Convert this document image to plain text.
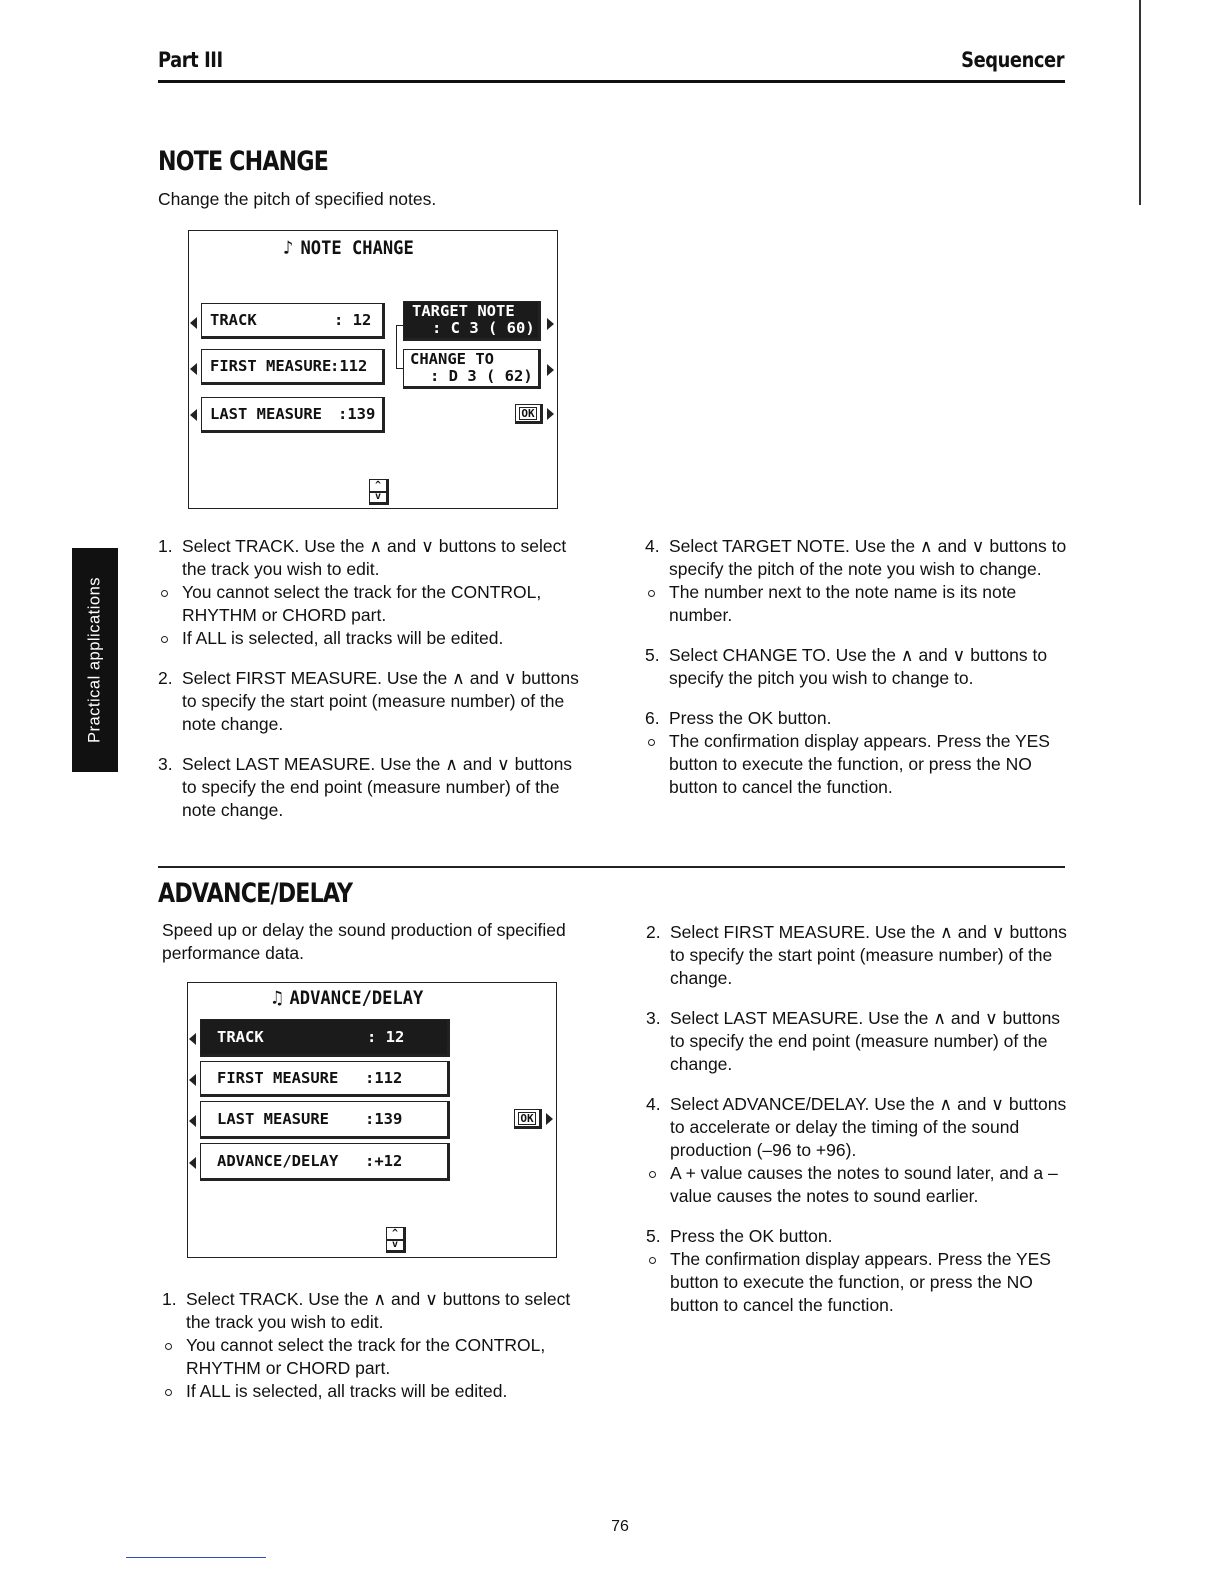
Part III	Sequencer
Practical applications
NOTE CHANGE
Change the pitch of specified notes.
♪ NOTE CHANGE
TRACK	: 12
FIRST MEASURE
:112
LAST MEASURE :139
TARGET NOTE
: C 3 ( 60)
CHANGE TO
: D 3 ( 62)
OK
^
v
1. Select TRACK. Use the ∧ and ∨ buttons to select the track you wish to edit.
You cannot select the track for the CONTROL, RHYTHM or CHORD part.
If ALL is selected, all tracks will be edited.
2. Select FIRST MEASURE. Use the ∧ and ∨ buttons to specify the start point (measure number) of the note change.
3. Select LAST MEASURE. Use the ∧ and ∨ buttons to specify the end point (measure number) of the note change.
4. Select TARGET NOTE. Use the ∧ and ∨ buttons to specify the pitch of the note you wish to change.
The number next to the note name is its note number.
5. Select CHANGE TO. Use the ∧ and ∨ buttons to specify the pitch you wish to change to.
6. Press the OK button.
The confirmation display appears. Press the YES button to execute the function, or press the NO button to cancel the function.
ADVANCE/DELAY
Speed up or delay the sound production of specified performance data.
♫ ADVANCE/DELAY
TRACK	: 12
FIRST MEASURE :112
LAST MEASURE :139
ADVANCE/DELAY :+12
OK
^
v
1. Select TRACK. Use the ∧ and ∨ buttons to select the track you wish to edit.
You cannot select the track for the CONTROL, RHYTHM or CHORD part.
If ALL is selected, all tracks will be edited.
2. Select FIRST MEASURE. Use the ∧ and ∨ buttons to specify the start point (measure number) of the change.
3. Select LAST MEASURE. Use the ∧ and ∨ buttons to specify the end point (measure number) of the change.
4. Select ADVANCE/DELAY. Use the ∧ and ∨ buttons to accelerate or delay the timing of the sound production (–96 to +96).
A + value causes the notes to sound later, and a – value causes the notes to sound earlier.
5. Press the OK button.
The confirmation display appears. Press the YES button to execute the function, or press the NO button to cancel the function.
76
